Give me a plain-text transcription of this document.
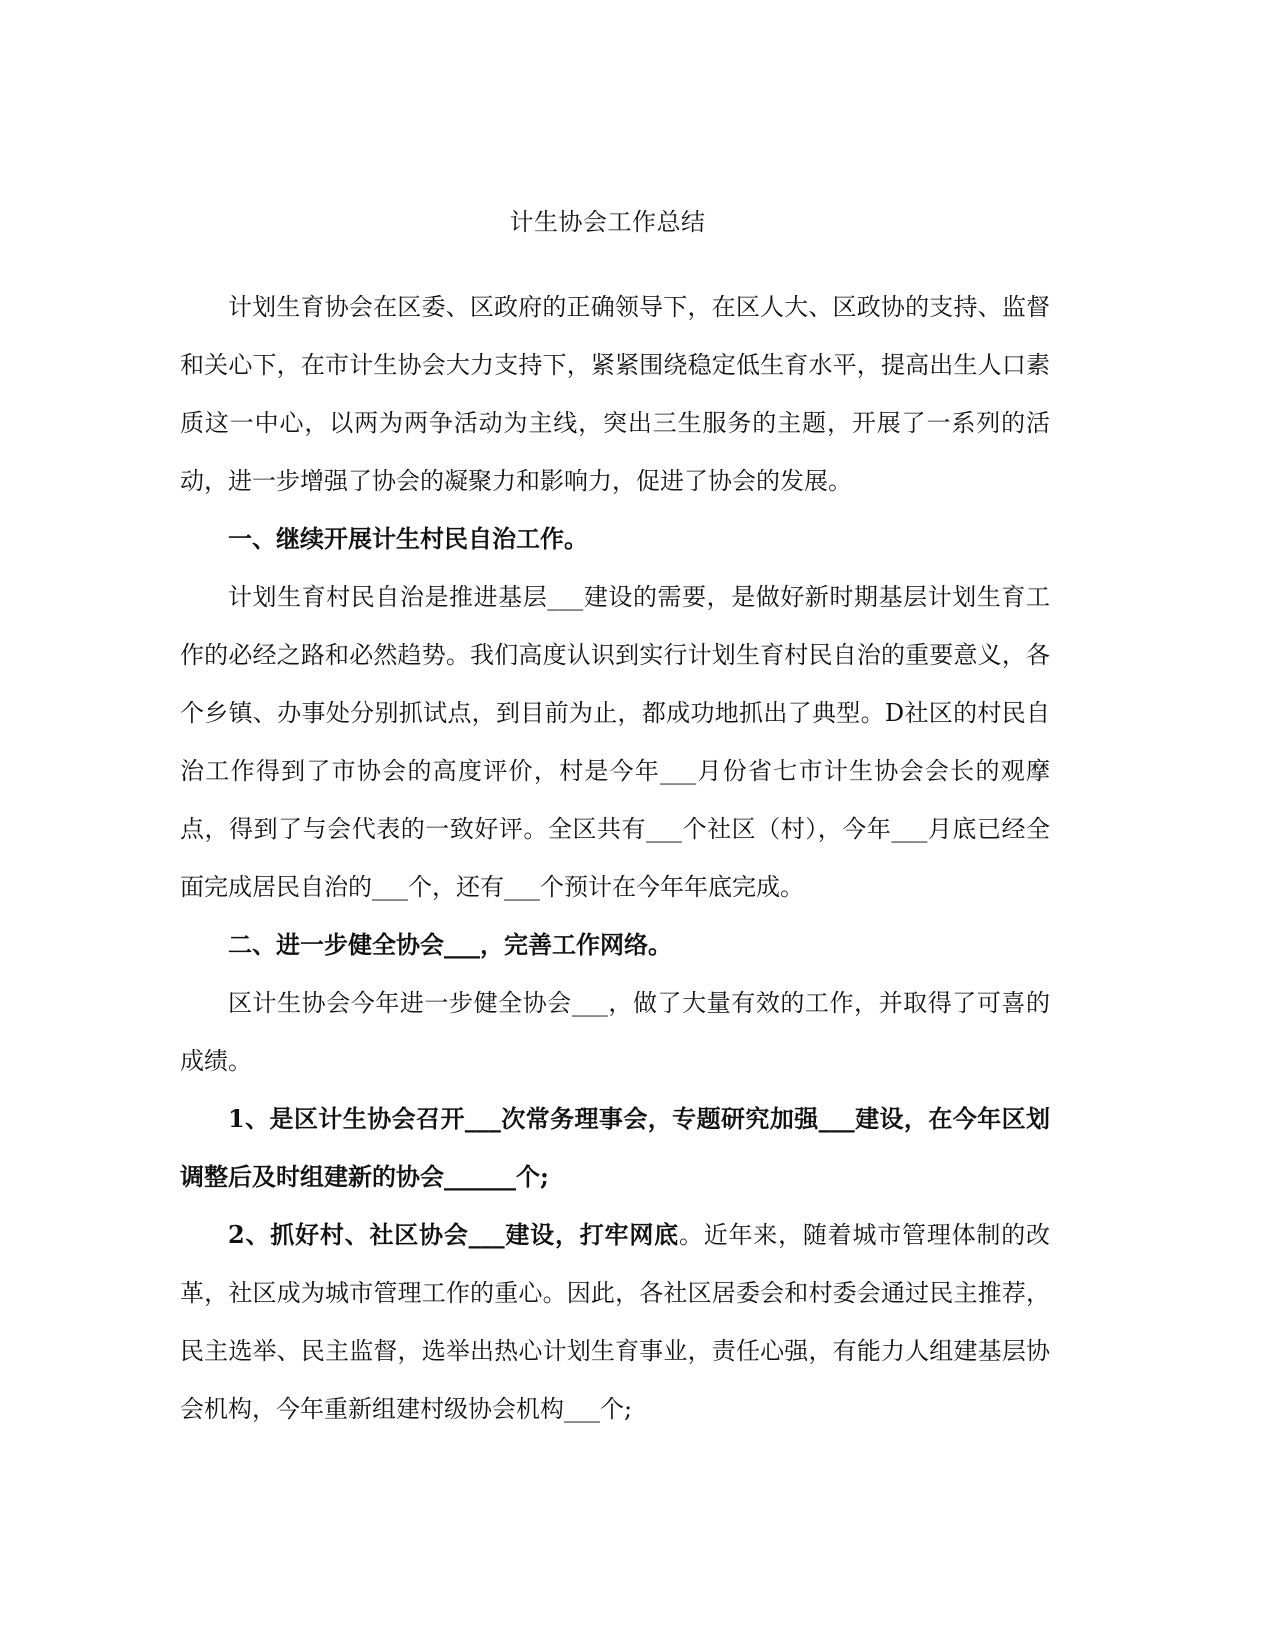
计生协会工作总结

计划生育协会在区委、区政府的正确领导下，在区人大、区政协的支持、监督和关心下，在市计生协会大力支持下，紧紧围绕稳定低生育水平，提高出生人口素质这一中心，以两为两争活动为主线，突出三生服务的主题，开展了一系列的活动，进一步增强了协会的凝聚力和影响力，促进了协会的发展。

一、继续开展计生村民自治工作。

计划生育村民自治是推进基层___建设的需要，是做好新时期基层计划生育工作的必经之路和必然趋势。我们高度认识到实行计划生育村民自治的重要意义，各个乡镇、办事处分别抓试点，到目前为止，都成功地抓出了典型。D社区的村民自治工作得到了市协会的高度评价，村是今年___月份省七市计生协会会长的观摩点，得到了与会代表的一致好评。全区共有___个社区（村），今年___月底已经全面完成居民自治的___个，还有___个预计在今年年底完成。

二、进一步健全协会___，完善工作网络。

区计生协会今年进一步健全协会___，做了大量有效的工作，并取得了可喜的成绩。

1、是区计生协会召开___次常务理事会，专题研究加强___建设，在今年区划调整后及时组建新的协会______个;

2、抓好村、社区协会___建设，打牢网底。近年来，随着城市管理体制的改革，社区成为城市管理工作的重心。因此，各社区居委会和村委会通过民主推荐，民主选举、民主监督，选举出热心计划生育事业，责任心强，有能力人组建基层协会机构，今年重新组建村级协会机构___个;
